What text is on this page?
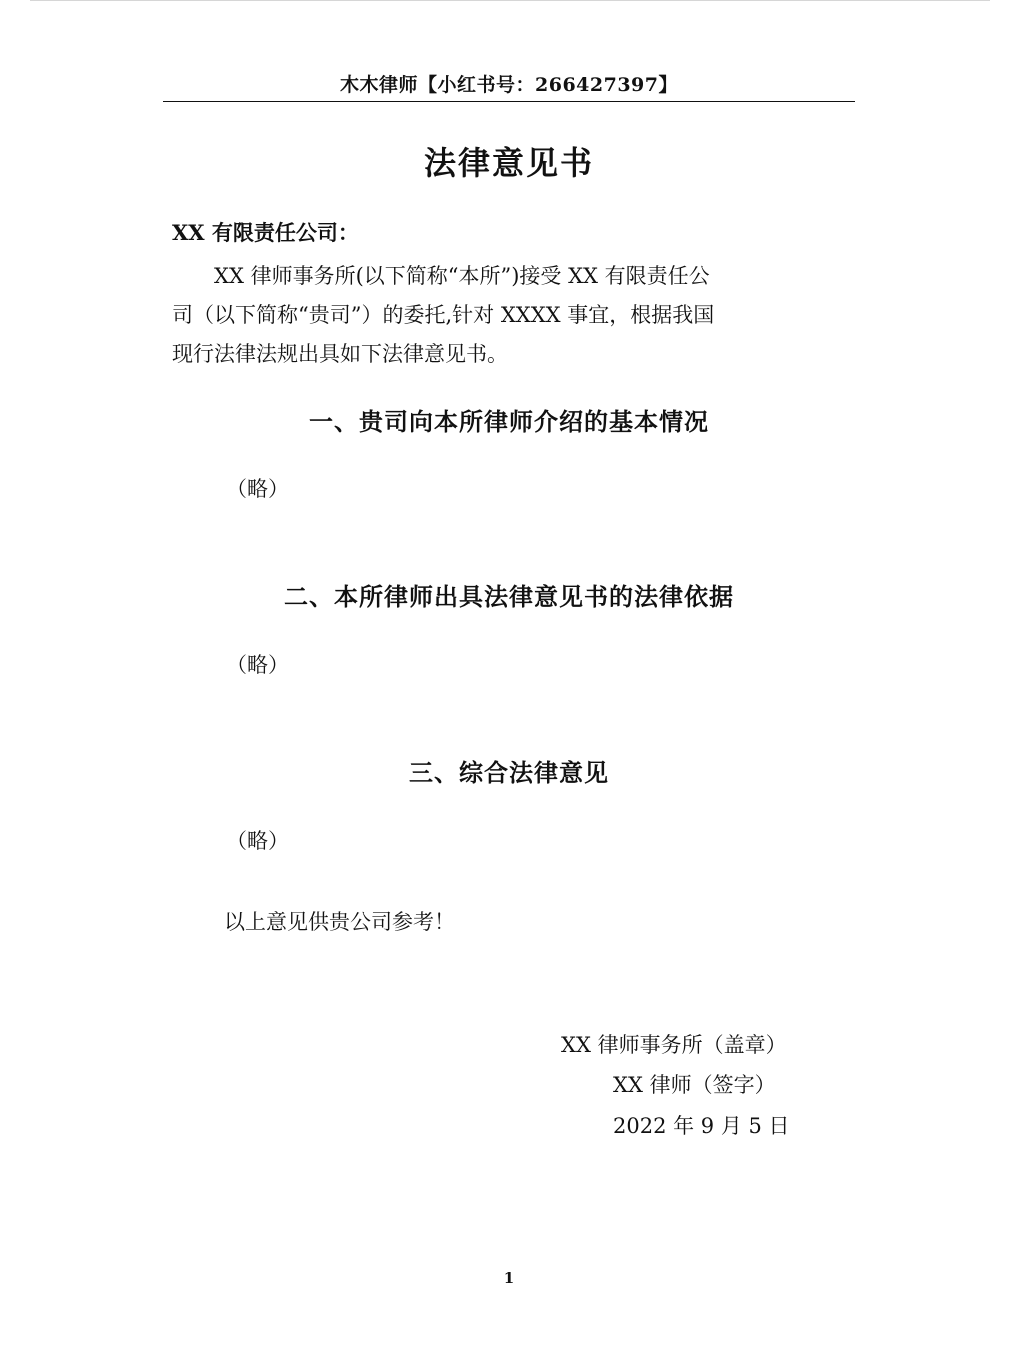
木木律师【小红书号：266427397】
法律意见书
XX 有限责任公司：
XX 律师事务所(以下简称“本所”)接受 XX 有限责任公
司（以下简称“贵司”）的委托,针对 XXXX 事宜，根据我国
现行法律法规出具如下法律意见书。
一、贵司向本所律师介绍的基本情况
（略）
二、本所律师出具法律意见书的法律依据
（略）
三、综合法律意见
（略）
以上意见供贵公司参考！
XX 律师事务所（盖章）
XX 律师（签字）
2022 年 9 月 5 日
1
